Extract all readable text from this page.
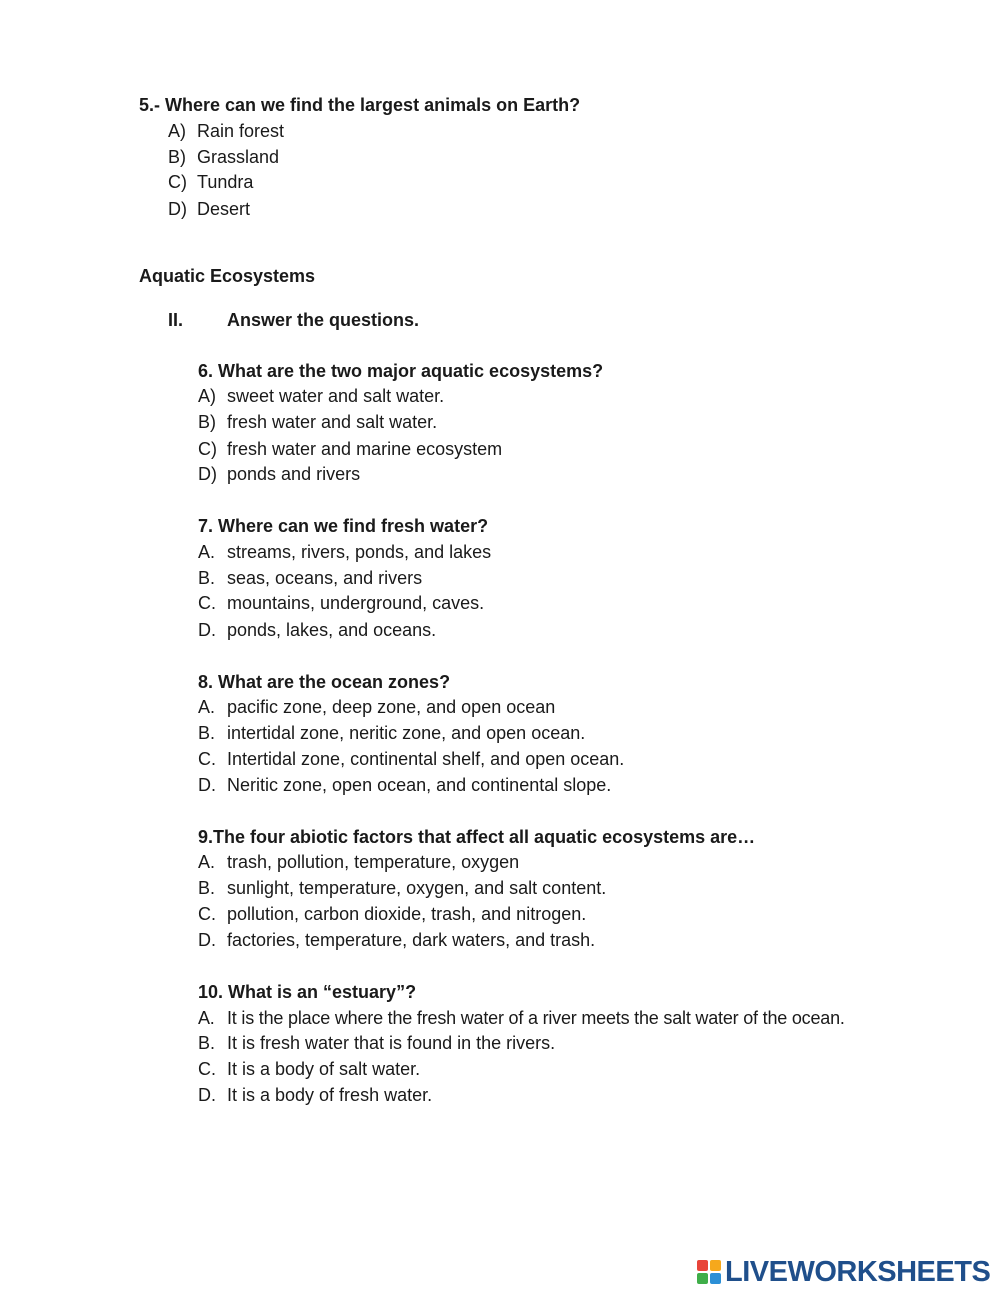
5.- Where can we find the largest animals on Earth?
A) Rain forest
B) Grassland
C) Tundra
D) Desert
Aquatic Ecosystems
II. Answer the questions.
6. What are the two major aquatic ecosystems?
A) sweet water and salt water.
B) fresh water and salt water.
C) fresh water and marine ecosystem
D) ponds and rivers
7. Where can we find fresh water?
A. streams, rivers, ponds, and lakes
B. seas, oceans, and rivers
C. mountains, underground, caves.
D. ponds, lakes, and oceans.
8. What are the ocean zones?
A. pacific zone, deep zone, and open ocean
B. intertidal zone, neritic zone, and open ocean.
C. Intertidal zone, continental shelf, and open ocean.
D. Neritic zone, open ocean, and continental slope.
9.The four abiotic factors that affect all aquatic ecosystems are…
A. trash, pollution, temperature, oxygen
B. sunlight, temperature, oxygen, and salt content.
C. pollution, carbon dioxide, trash, and nitrogen.
D. factories, temperature, dark waters, and trash.
10. What is an “estuary”?
A. It is the place where the fresh water of a river meets the salt water of the ocean.
B. It is fresh water that is found in the rivers.
C. It is a body of salt water.
D. It is a body of fresh water.
LIVEWORKSHEETS
